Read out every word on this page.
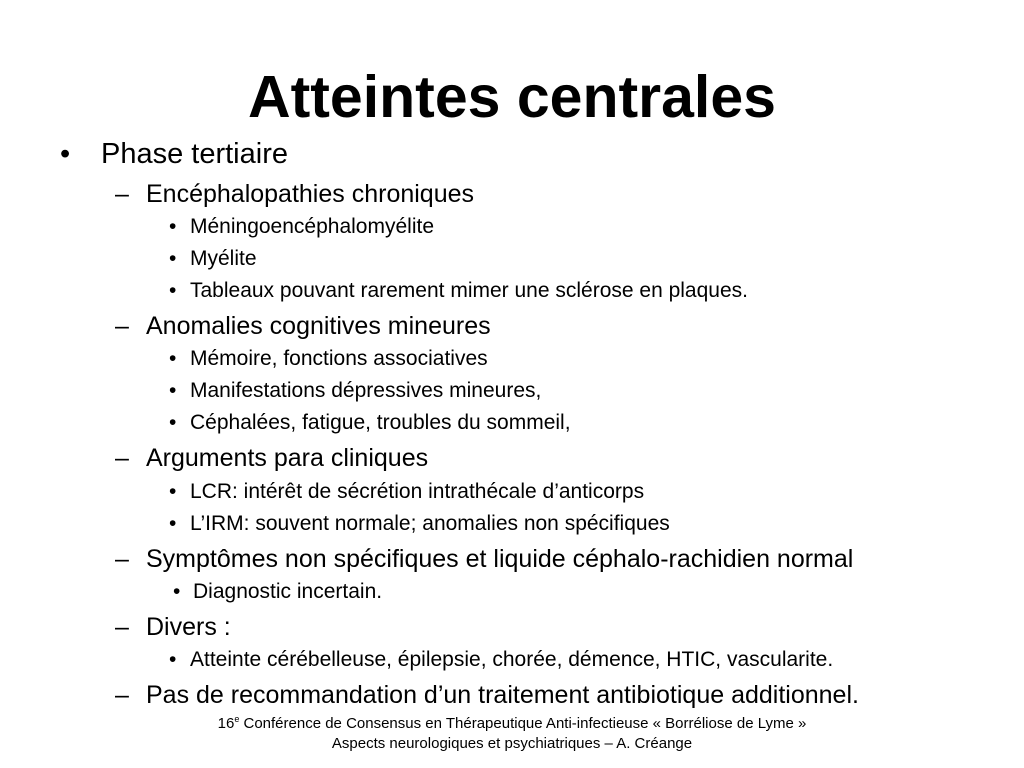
Atteintes centrales
• Phase tertiaire
– Encéphalopathies chroniques
• Méningoencéphalomyélite
• Myélite
• Tableaux pouvant rarement mimer une sclérose en plaques.
– Anomalies cognitives mineures
• Mémoire, fonctions associatives
• Manifestations dépressives mineures,
• Céphalées, fatigue, troubles du sommeil,
– Arguments para cliniques
• LCR: intérêt de sécrétion intrathécale d’anticorps
• L’IRM: souvent normale; anomalies non spécifiques
– Symptômes non spécifiques et liquide céphalo-rachidien normal
• Diagnostic incertain.
– Divers :
• Atteinte cérébelleuse, épilepsie, chorée, démence, HTIC, vascularite.
– Pas de recommandation d’un traitement antibiotique additionnel.
16e Conférence de Consensus en Thérapeutique Anti-infectieuse « Borréliose de Lyme »
Aspects neurologiques et psychiatriques – A. Créange
